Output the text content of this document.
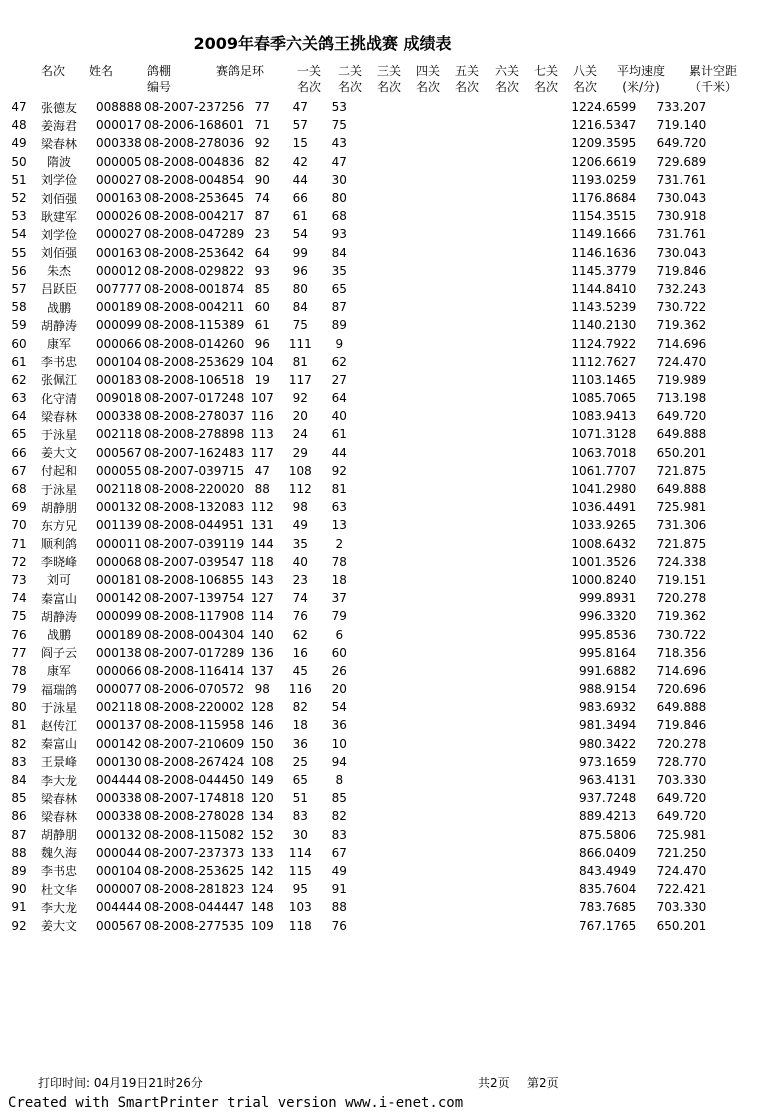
2009年春季六关鸽王挑战赛 成绩表
名次	姓名	鸽棚
编号
赛鸽足环	一关
名次
二关
名次
三关
名次
四关
名次
五关
名次
六关
名次
七关
名次
八关
名次
平均速度
(米/分)
累计空距
（千米）
47	张德友		008888	08-2007-237256	77	47	53		1224.6599	733.207
48	姜海君		000017	08-2006-168601	71	57	75		1216.5347	719.140
49	梁春林		000338	08-2008-278036	92	15	43		1209.3595	649.720
50	隋波		000005	08-2008-004836	82	42	47		1206.6619	729.689
51	刘学俭		000027	08-2008-004854	90	44	30		1193.0259	731.761
52	刘佰强		000163	08-2008-253645	74	66	80		1176.8684	730.043
53	耿建军		000026	08-2008-004217	87	61	68		1154.3515	730.918
54	刘学俭		000027	08-2008-047289	23	54	93		1149.1666	731.761
55	刘佰强		000163	08-2008-253642	64	99	84		1146.1636	730.043
56	朱杰		000012	08-2008-029822	93	96	35		1145.3779	719.846
57	吕跃臣		007777	08-2008-001874	85	80	65		1144.8410	732.243
58	战鹏		000189	08-2008-004211	60	84	87		1143.5239	730.722
59	胡静涛		000099	08-2008-115389	61	75	89		1140.2130	719.362
60	康军		000066	08-2008-014260	96	111	9		1124.7922	714.696
61	李书忠		000104	08-2008-253629	104	81	62		1112.7627	724.470
62	张佩江		000183	08-2008-106518	19	117	27		1103.1465	719.989
63	化守清		009018	08-2007-017248	107	92	64		1085.7065	713.198
64	梁春林		000338	08-2008-278037	116	20	40		1083.9413	649.720
65	于泳星		002118	08-2008-278898	113	24	61		1071.3128	649.888
66	姜大文		000567	08-2007-162483	117	29	44		1063.7018	650.201
67	付起和		000055	08-2007-039715	47	108	92		1061.7707	721.875
68	于泳星		002118	08-2008-220020	88	112	81		1041.2980	649.888
69	胡静朋		000132	08-2008-132083	112	98	63		1036.4491	725.981
70	东方兄		001139	08-2008-044951	131	49	13		1033.9265	731.306
71	顺利鸽		000011	08-2007-039119	144	35	2		1008.6432	721.875
72	李晓峰		000068	08-2007-039547	118	40	78		1001.3526	724.338
73	刘可		000181	08-2008-106855	143	23	18		1000.8240	719.151
74	秦富山		000142	08-2007-139754	127	74	37		999.8931	720.278
75	胡静涛		000099	08-2008-117908	114	76	79		996.3320	719.362
76	战鹏		000189	08-2008-004304	140	62	6		995.8536	730.722
77	阎子云		000138	08-2007-017289	136	16	60		995.8164	718.356
78	康军		000066	08-2008-116414	137	45	26		991.6882	714.696
79	福瑞鸽		000077	08-2006-070572	98	116	20		988.9154	720.696
80	于泳星		002118	08-2008-220002	128	82	54		983.6932	649.888
81	赵传江		000137	08-2008-115958	146	18	36		981.3494	719.846
82	秦富山		000142	08-2007-210609	150	36	10		980.3422	720.278
83	王景峰		000130	08-2008-267424	108	25	94		973.1659	728.770
84	李大龙		004444	08-2008-044450	149	65	8		963.4131	703.330
85	梁春林		000338	08-2007-174818	120	51	85		937.7248	649.720
86	梁春林		000338	08-2008-278028	134	83	82		889.4213	649.720
87	胡静朋		000132	08-2008-115082	152	30	83		875.5806	725.981
88	魏久海		000044	08-2007-237373	133	114	67		866.0409	721.250
89	李书忠		000104	08-2008-253625	142	115	49		843.4949	724.470
90	杜文华		000007	08-2008-281823	124	95	91		835.7604	722.421
91	李大龙		004444	08-2008-044447	148	103	88		783.7685	703.330
92	姜大文		000567	08-2008-277535	109	118	76		767.1765	650.201
打印时间: 04月19日21时26分	共2页 第2页
Created with SmartPrinter trial version www.i-enet.com
